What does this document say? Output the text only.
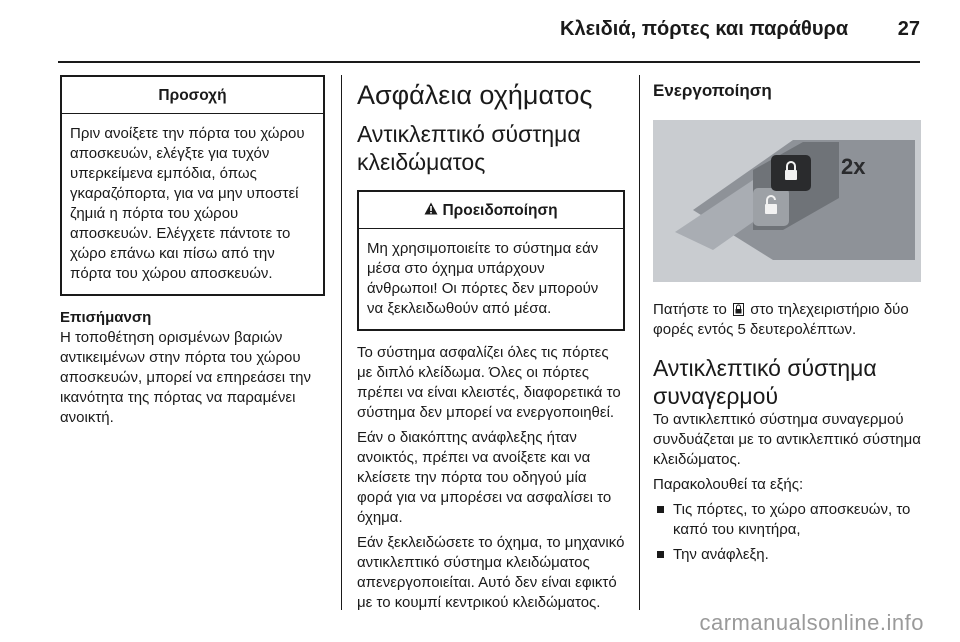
Κλειδιά, πόρτες και παράθυρα 27
Προσοχή
Πριν ανοίξετε την πόρτα του χώρου αποσκευών, ελέγξτε για τυχόν υπερκείμενα εμπόδια, όπως γκαραζόπορτα, για να μην υποστεί ζημιά η πόρτα του χώρου αποσκευών. Ελέγχετε πάντοτε το χώρο επάνω και πίσω από την πόρτα του χώρου αποσκευών.

Επισήμανση

Η τοποθέτηση ορισμένων βαριών αντικειμένων στην πόρτα του χώρου αποσκευών, μπορεί να επηρεάσει την ικανότητα της πόρτας να παραμένει ανοικτή.

Ασφάλεια οχήματος
Αντικλεπτικό σύστημα κλειδώματος
Προειδοποίηση
Μη χρησιμοποιείτε το σύστημα εάν μέσα στο όχημα υπάρχουν άνθρωποι! Οι πόρτες δεν μπορούν να ξεκλειδωθούν από μέσα.

Το σύστημα ασφαλίζει όλες τις πόρτες με διπλό κλείδωμα. Όλες οι πόρτες πρέπει να είναι κλειστές, διαφορετικά το σύστημα δεν μπορεί να ενεργοποιηθεί.

Εάν ο διακόπτης ανάφλεξης ήταν ανοικτός, πρέπει να ανοίξετε και να κλείσετε την πόρτα του οδηγού μία φορά για να μπορέσει να ασφαλίσει το όχημα.

Εάν ξεκλειδώσετε το όχημα, το μηχανικό αντικλεπτικό σύστημα κλειδώματος απενεργοποιείται. Αυτό δεν είναι εφικτό με το κουμπί κεντρικού κλειδώματος.

Ενεργοποίηση
2x

Πατήστε το στο τηλεχειριστήριο δύο φορές εντός 5 δευτερολέπτων.

Αντικλεπτικό σύστημα συναγερμού

Το αντικλεπτικό σύστημα συναγερμού συνδυάζεται με το αντικλεπτικό σύστημα κλειδώματος.

Παρακολουθεί τα εξής:

Τις πόρτες, το χώρο αποσκευών, το καπό του κινητήρα,
Την ανάφλεξη.
carmanualsonline.info
